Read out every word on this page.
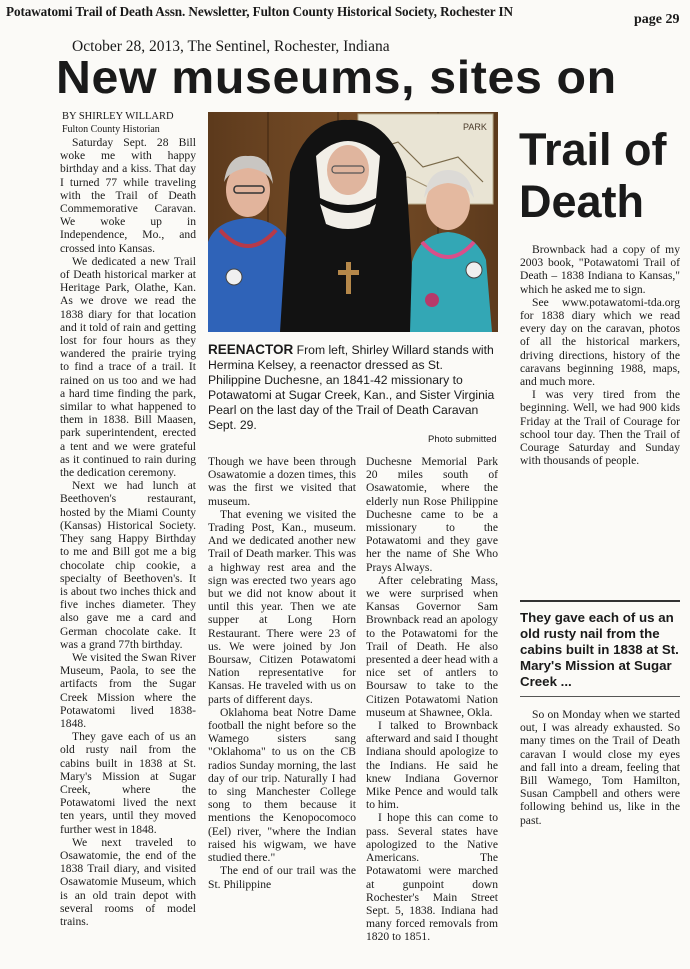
Potawatomi Trail of Death Assn. Newsletter, Fulton County Historical Society, Rochester IN
page 29
October 28, 2013, The Sentinel, Rochester, Indiana
New museums, sites on
Trail of Death
BY SHIRLEY WILLARD
Fulton County Historian

Saturday Sept. 28 Bill woke me with happy birthday and a kiss. That day I turned 77 while traveling with the Trail of Death Commemorative Caravan. We woke up in Independence, Mo., and crossed into Kansas.

We dedicated a new Trail of Death historical marker at Heritage Park, Olathe, Kan. As we drove we read the 1838 diary for that location and it told of rain and getting lost for four hours as they wandered the prairie trying to find a trace of a trail. It rained on us too and we had a hard time finding the park, similar to what happened to them in 1838. Bill Maasen, park superintendent, erected a tent and we were grateful as it continued to rain during the dedication ceremony.

Next we had lunch at Beethoven's restaurant, hosted by the Miami County (Kansas) Historical Society. They sang Happy Birthday to me and Bill got me a big chocolate chip cookie, a specialty of Beethoven's. It is about two inches thick and five inches diameter. They also gave me a card and German chocolate cake. It was a grand 77th birthday.

We visited the Swan River Museum, Paola, to see the artifacts from the Sugar Creek Mission where the Potawatomi lived 1838-1848.

They gave each of us an old rusty nail from the cabins built in 1838 at St. Mary's Mission at Sugar Creek, where the Potawatomi lived the next ten years, until they moved further west in 1848.

We next traveled to Osawatomie, the end of the 1838 Trail diary, and visited Osawatomie Museum, which is an old train depot with several rooms of model trains.

PARK
REENACTOR From left, Shirley Willard stands with Hermina Kelsey, a reenactor dressed as St. Philippine Duchesne, an 1841-42 missionary to Potawatomi at Sugar Creek, Kan., and Sister Virginia Pearl on the last day of the Trail of Death Caravan Sept. 29.
Photo submitted

Though we have been through Osawatomie a dozen times, this was the first we visited that museum.

That evening we visited the Trading Post, Kan., museum. And we dedicated another new Trail of Death marker. This was a highway rest area and the sign was erected two years ago but we did not know about it until this year. Then we ate supper at Long Horn Restaurant. There were 23 of us. We were joined by Jon Boursaw, Citizen Potawatomi Nation representative for Kansas. He traveled with us on parts of different days.

Oklahoma beat Notre Dame football the night before so the Wamego sisters sang "Oklahoma" to us on the CB radios Sunday morning, the last day of our trip. Naturally I had to sing Manchester College song to them because it mentions the Kenopocomoco (Eel) river, "where the Indian raised his wigwam, we have studied there."

The end of our trail was the St. Philippine

Duchesne Memorial Park 20 miles south of Osawatomie, where the elderly nun Rose Philippine Duchesne came to be a missionary to the Potawatomi and they gave her the name of She Who Prays Always.

After celebrating Mass, we were surprised when Kansas Governor Sam Brownback read an apology to the Potawatomi for the Trail of Death. He also presented a deer head with a nice set of antlers to Boursaw to take to the Citizen Potawatomi Nation museum at Shawnee, Okla.

I talked to Brownback afterward and said I thought Indiana should apologize to the Indians. He said he knew Indiana Governor Mike Pence and would talk to him.

I hope this can come to pass. Several states have apologized to the Native Americans. The Potawatomi were marched at gunpoint down Rochester's Main Street Sept. 5, 1838. Indiana had many forced removals from 1820 to 1851.

Brownback had a copy of my 2003 book, "Potawatomi Trail of Death – 1838 Indiana to Kansas," which he asked me to sign.

See www.potawatomi-tda.org for 1838 diary which we read every day on the caravan, photos of all the historical markers, driving directions, history of the caravans beginning 1988, maps, and much more.

I was very tired from the beginning. Well, we had 900 kids Friday at the Trail of Courage for school tour day. Then the Trail of Courage Saturday and Sunday with thousands of people.

They gave each of us an old rusty nail from the cabins built in 1838 at St. Mary's Mission at Sugar Creek ...

So on Monday when we started out, I was already exhausted. So many times on the Trail of Death caravan I would close my eyes and fall into a dream, feeling that Bill Wamego, Tom Hamilton, Susan Campbell and others were following behind us, like in the past.
